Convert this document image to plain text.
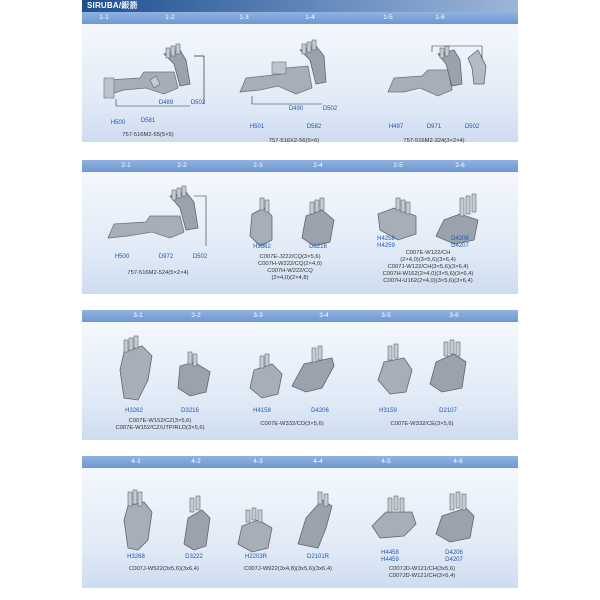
SIRUBA/銀箭
1-1	1-2	1-3	1-4	1-5	1-6
H500	D581
D489	D502
H501	D582
D490	D502
H497	D971	D502
757-516M2-55(5×5)
757-516X2-56(5×6)	757-516M2-324(3×2×4)
2-1	2-2	2-3	2-4	2-5	2-6
H500	D972	D502
H3362	D3216
H4258
H4259
D4206
D4207
757-516M2-524(5×2×4)
C007E-J222/CQ(3×5,6)
C007H-W222/CQ(2×4,0)
C007H-W222/CQ
(2×4,0)(2×4,8)
C007E-W122/CH
(2×4,0)(3×5,6)(3×6,4)
C007J-W122/CH(3×5,6)(3×6,4)
C007H-W162(2×4,0)(3×5,6)(3×6,4)
C007H-U162(2×4,0)(3×5,6)(3×6,4)
3-1	3-2	3-3	3-4	3-5	3-6
H3262	D3216	H4158	D4206	H3159	D2107
C007E-W152/CZ(3×5,6)
C007E-W152/CZ/UTP/RLD(3×5,6)
C007E-W332/CD(3×5,6)	C007E-W332/CE(3×5,6)
4-1	4-2	4-3	4-4	4-5	4-6
H3268	D3222	H2203R	D2101R
H4458
H4459
D4206
D4207
C007J-W522(3x5,6)(3x6,4)	C007J-W922(3x4,8)(3x5,6)(3x6,4)	C007JD-W121/CH(3x5,6)
C007JD-W121/CH(3×6,4)
